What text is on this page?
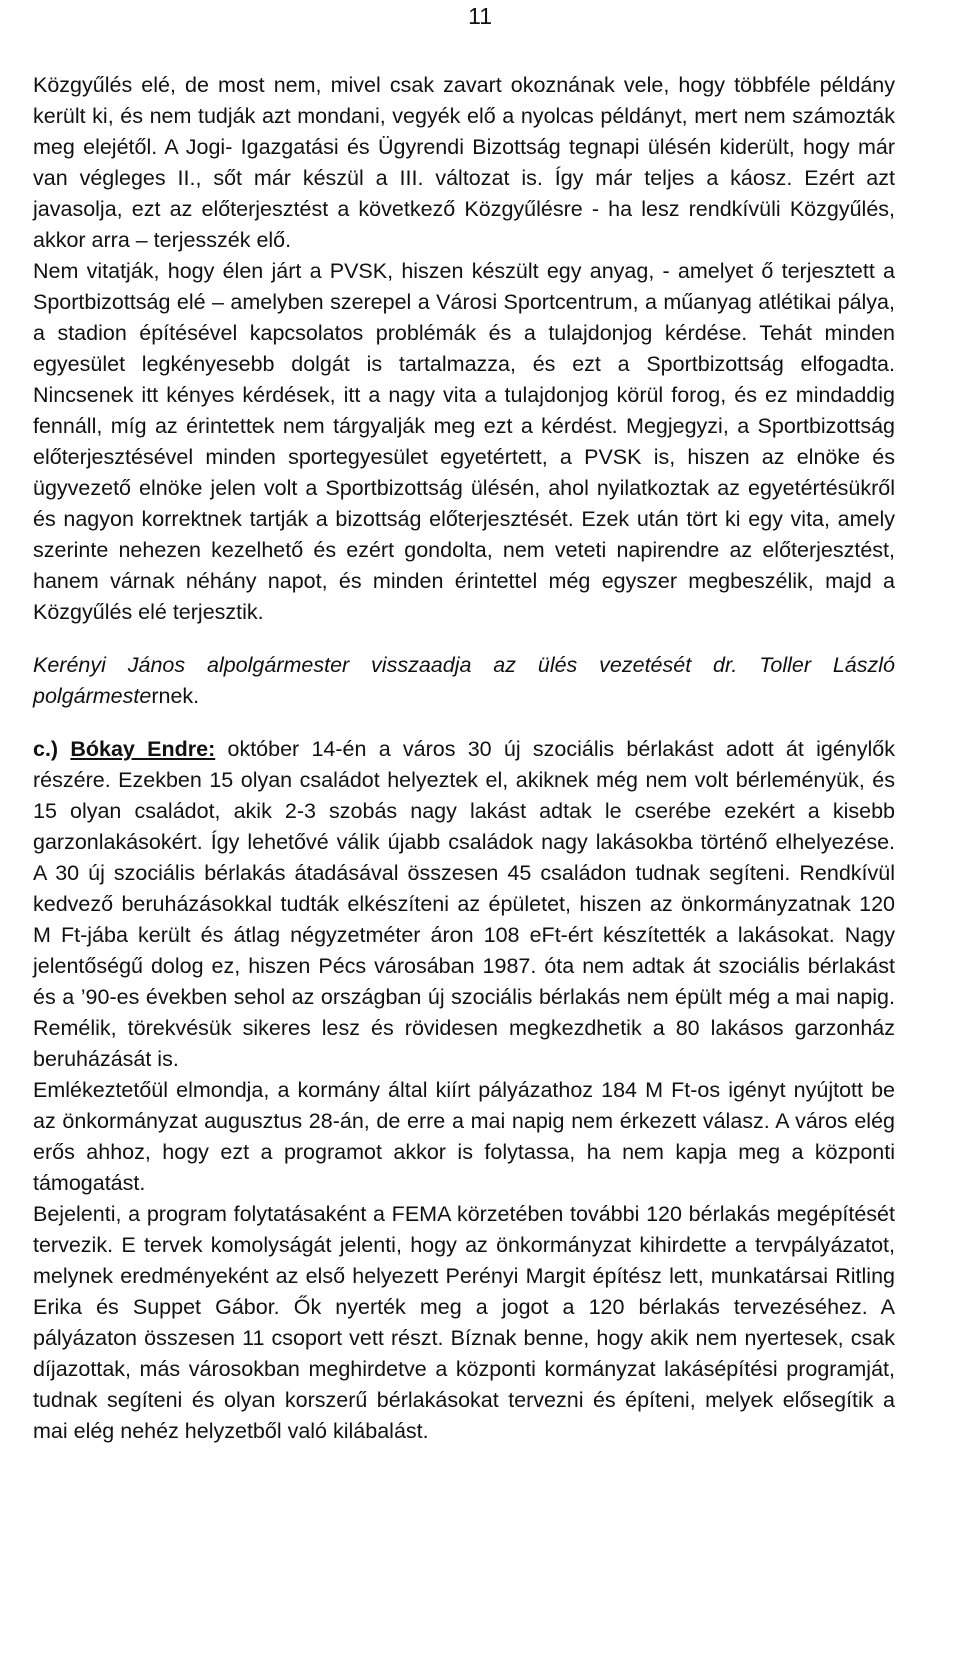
11

Közgyűlés elé, de most nem, mivel csak zavart okoznának vele, hogy többféle példány került ki, és nem tudják azt mondani, vegyék elő a nyolcas példányt, mert nem számozták meg elejétől. A Jogi- Igazgatási és Ügyrendi Bizottság tegnapi ülésén kiderült, hogy már van végleges II., sőt már készül a III. változat is. Így már teljes a káosz. Ezért azt javasolja, ezt az előterjesztést a következő Közgyűlésre - ha lesz rendkívüli Közgyűlés, akkor arra – terjesszék elő.

Nem vitatják, hogy élen járt a PVSK, hiszen készült egy anyag, - amelyet ő terjesztett a Sportbizottság elé – amelyben szerepel a Városi Sportcentrum, a műanyag atlétikai pálya, a stadion építésével kapcsolatos problémák és a tulajdonjog kérdése. Tehát minden egyesület legkényesebb dolgát is tartalmazza, és ezt a Sportbizottság elfogadta. Nincsenek itt kényes kérdések, itt a nagy vita a tulajdonjog körül forog, és ez mindaddig fennáll, míg az érintettek nem tárgyalják meg ezt a kérdést. Megjegyzi, a Sportbizottság előterjesztésével minden sportegyesület egyetértett, a PVSK is, hiszen az elnöke és ügyvezető elnöke jelen volt a Sportbizottság ülésén, ahol nyilatkoztak az egyetértésükről és nagyon korrektnek tartják a bizottság előterjesztését. Ezek után tört ki egy vita, amely szerinte nehezen kezelhető és ezért gondolta, nem veteti napirendre az előterjesztést, hanem várnak néhány napot, és minden érintettel még egyszer megbeszélik, majd a Közgyűlés elé terjesztik.

Kerényi János alpolgármester visszaadja az ülés vezetését dr. Toller László polgármesternek.

c.) Bókay Endre: október 14-én a város 30 új szociális bérlakást adott át igénylők részére. Ezekben 15 olyan családot helyeztek el, akiknek még nem volt bérleményük, és 15 olyan családot, akik 2-3 szobás nagy lakást adtak le cserébe ezekért a kisebb garzonlakásokért. Így lehetővé válik újabb családok nagy lakásokba történő elhelyezése. A 30 új szociális bérlakás átadásával összesen 45 családon tudnak segíteni. Rendkívül kedvező beruházásokkal tudták elkészíteni az épületet, hiszen az önkormányzatnak 120 M Ft-jába került és átlag négyzetméter áron 108 eFt-ért készítették a lakásokat. Nagy jelentőségű dolog ez, hiszen Pécs városában 1987. óta nem adtak át szociális bérlakást és a ’90-es években sehol az országban új szociális bérlakás nem épült még a mai napig. Remélik, törekvésük sikeres lesz és rövidesen megkezdhetik a 80 lakásos garzonház beruházását is.

Emlékeztetőül elmondja, a kormány által kiírt pályázathoz 184 M Ft-os igényt nyújtott be az önkormányzat augusztus 28-án, de erre a mai napig nem érkezett válasz. A város elég erős ahhoz, hogy ezt a programot akkor is folytassa, ha nem kapja meg a központi támogatást.

Bejelenti, a program folytatásaként a FEMA körzetében további 120 bérlakás megépítését tervezik. E tervek komolyságát jelenti, hogy az önkormányzat kihirdette a tervpályázatot, melynek eredményeként az első helyezett Perényi Margit építész lett, munkatársai Ritling Erika és Suppet Gábor. Ők nyerték meg a jogot a 120 bérlakás tervezéséhez. A pályázaton összesen 11 csoport vett részt. Bíznak benne, hogy akik nem nyertesek, csak díjazottak, más városokban meghirdetve a központi kormányzat lakásépítési programját, tudnak segíteni és olyan korszerű bérlakásokat tervezni és építeni, melyek elősegítik a mai elég nehéz helyzetből való kilábalást.
